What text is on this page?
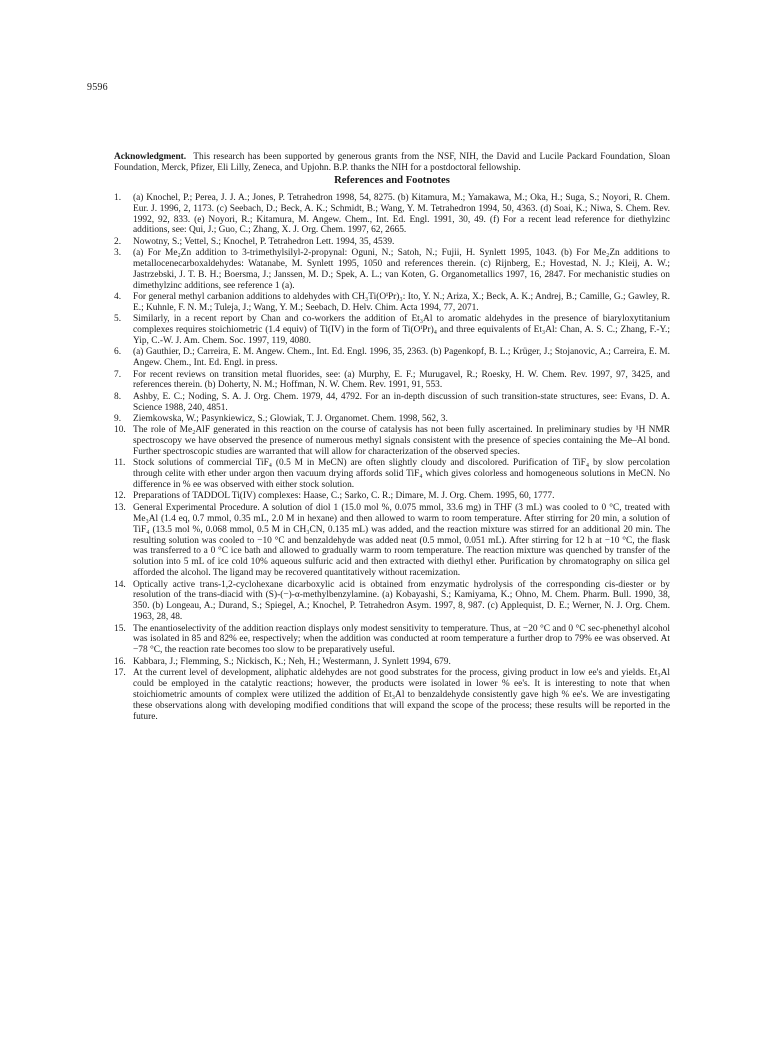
9596

Acknowledgment. This research has been supported by generous grants from the NSF, NIH, the David and Lucile Packard Foundation, Sloan Foundation, Merck, Pfizer, Eli Lilly, Zeneca, and Upjohn. B.P. thanks the NIH for a postdoctoral fellowship.

References and Footnotes
1.	(a) Knochel, P.; Perea, J. J. A.; Jones, P. Tetrahedron 1998, 54, 8275. (b) Kitamura, M.; Yamakawa, M.; Oka, H.; Suga, S.; Noyori, R. Chem. Eur. J. 1996, 2, 1173. (c) Seebach, D.; Beck, A. K.; Schmidt, B.; Wang, Y. M. Tetrahedron 1994, 50, 4363. (d) Soai, K.; Niwa, S. Chem. Rev. 1992, 92, 833. (e) Noyori, R.; Kitamura, M. Angew. Chem., Int. Ed. Engl. 1991, 30, 49. (f) For a recent lead reference for diethylzinc additions, see: Qui, J.; Guo, C.; Zhang, X. J. Org. Chem. 1997, 62, 2665.
2.	Nowotny, S.; Vettel, S.; Knochel, P. Tetrahedron Lett. 1994, 35, 4539.
3.	(a) For Me₂Zn addition to 3-trimethylsilyl-2-propynal: Oguni, N.; Satoh, N.; Fujii, H. Synlett 1995, 1043. (b) For Me₂Zn additions to metallocenecarboxaldehydes: Watanabe, M. Synlett 1995, 1050 and references therein. (c) Rijnberg, E.; Hovestad, N. J.; Kleij, A. W.; Jastrzebski, J. T. B. H.; Boersma, J.; Janssen, M. D.; Spek, A. L.; van Koten, G. Organometallics 1997, 16, 2847. For mechanistic studies on dimethylzinc additions, see reference 1 (a).
4.	For general methyl carbanion additions to aldehydes with CH₃Ti(OⁱPr)₃: Ito, Y. N.; Ariza, X.; Beck, A. K.; Andrej, B.; Camille, G.; Gawley, R. E.; Kuhnle, F. N. M.; Tuleja, J.; Wang, Y. M.; Seebach, D. Helv. Chim. Acta 1994, 77, 2071.
5.	Similarly, in a recent report by Chan and co-workers the addition of Et₃Al to aromatic aldehydes in the presence of biaryloxytitanium complexes requires stoichiometric (1.4 equiv) of Ti(IV) in the form of Ti(OⁱPr)₄ and three equivalents of Et₃Al: Chan, A. S. C.; Zhang, F.-Y.; Yip, C.-W. J. Am. Chem. Soc. 1997, 119, 4080.
6.	(a) Gauthier, D.; Carreira, E. M. Angew. Chem., Int. Ed. Engl. 1996, 35, 2363. (b) Pagenkopf, B. L.; Krüger, J.; Stojanovic, A.; Carreira, E. M. Angew. Chem., Int. Ed. Engl. in press.
7.	For recent reviews on transition metal fluorides, see: (a) Murphy, E. F.; Murugavel, R.; Roesky, H. W. Chem. Rev. 1997, 97, 3425, and references therein. (b) Doherty, N. M.; Hoffman, N. W. Chem. Rev. 1991, 91, 553.
8.	Ashby, E. C.; Noding, S. A. J. Org. Chem. 1979, 44, 4792. For an in-depth discussion of such transition-state structures, see: Evans, D. A. Science 1988, 240, 4851.
9.	Ziemkowska, W.; Pasynkiewicz, S.; Glowiak, T. J. Organomet. Chem. 1998, 562, 3.
10. The role of Me₂AlF generated in this reaction on the course of catalysis has not been fully ascertained. In preliminary studies by ¹H NMR spectroscopy we have observed the presence of numerous methyl signals consistent with the presence of species containing the Me–Al bond. Further spectroscopic studies are warranted that will allow for characterization of the observed species.
11. Stock solutions of commercial TiF₄ (0.5 M in MeCN) are often slightly cloudy and discolored. Purification of TiF₄ by slow percolation through celite with ether under argon then vacuum drying affords solid TiF₄ which gives colorless and homogeneous solutions in MeCN. No difference in % ee was observed with either stock solution.
12. Preparations of TADDOL Ti(IV) complexes: Haase, C.; Sarko, C. R.; Dimare, M. J. Org. Chem. 1995, 60, 1777.
13. General Experimental Procedure. A solution of diol 1 (15.0 mol %, 0.075 mmol, 33.6 mg) in THF (3 mL) was cooled to 0 °C, treated with Me₃Al (1.4 eq, 0.7 mmol, 0.35 mL, 2.0 M in hexane) and then allowed to warm to room temperature. After stirring for 20 min, a solution of TiF₄ (13.5 mol %, 0.068 mmol, 0.5 M in CH₃CN, 0.135 mL) was added, and the reaction mixture was stirred for an additional 20 min. The resulting solution was cooled to −10 °C and benzaldehyde was added neat (0.5 mmol, 0.051 mL). After stirring for 12 h at −10 °C, the flask was transferred to a 0 °C ice bath and allowed to gradually warm to room temperature. The reaction mixture was quenched by transfer of the solution into 5 mL of ice cold 10% aqueous sulfuric acid and then extracted with diethyl ether. Purification by chromatography on silica gel afforded the alcohol. The ligand may be recovered quantitatively without racemization.
14. Optically active trans-1,2-cyclohexane dicarboxylic acid is obtained from enzymatic hydrolysis of the corresponding cis-diester or by resolution of the trans-diacid with (S)-(−)-α-methylbenzylamine. (a) Kobayashi, S.; Kamiyama, K.; Ohno, M. Chem. Pharm. Bull. 1990, 38, 350. (b) Longeau, A.; Durand, S.; Spiegel, A.; Knochel, P. Tetrahedron Asym. 1997, 8, 987. (c) Applequist, D. E.; Werner, N. J. Org. Chem. 1963, 28, 48.
15. The enantioselectivity of the addition reaction displays only modest sensitivity to temperature. Thus, at −20 °C and 0 °C sec-phenethyl alcohol was isolated in 85 and 82% ee, respectively; when the addition was conducted at room temperature a further drop to 79% ee was observed. At −78 °C, the reaction rate becomes too slow to be preparatively useful.
16. Kabbara, J.; Flemming, S.; Nickisch, K.; Neh, H.; Westermann, J. Synlett 1994, 679.
17. At the current level of development, aliphatic aldehydes are not good substrates for the process, giving product in low ee's and yields. Et₃Al could be employed in the catalytic reactions; however, the products were isolated in lower % ee's. It is interesting to note that when stoichiometric amounts of complex were utilized the addition of Et₃Al to benzaldehyde consistently gave high % ee's. We are investigating these observations along with developing modified conditions that will expand the scope of the process; these results will be reported in the future.
